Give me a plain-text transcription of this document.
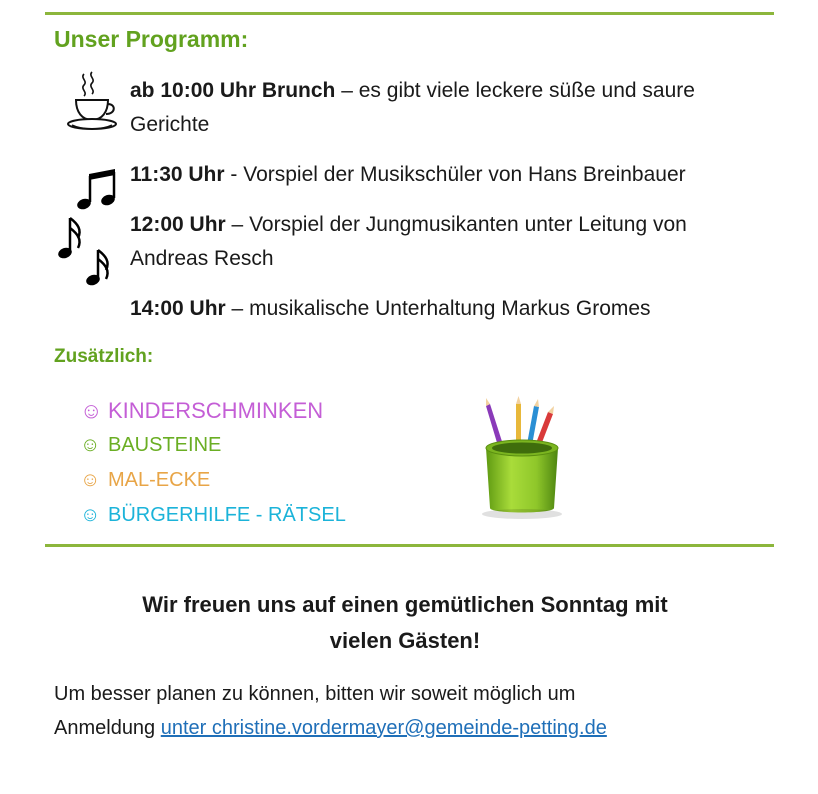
Unser Programm:
ab 10:00 Uhr Brunch – es gibt viele leckere süße und saure
Gerichte
11:30 Uhr - Vorspiel der Musikschüler von Hans Breinbauer
12:00 Uhr – Vorspiel der Jungmusikanten unter Leitung von
Andreas Resch
14:00 Uhr – musikalische Unterhaltung Markus Gromes
Zusätzlich:
☺ KINDERSCHMINKEN
☺ BAUSTEINE
☺ MAL-ECKE
☺ BÜRGERHILFE - RÄTSEL
Wir freuen uns auf einen gemütlichen Sonntag mit
vielen Gästen!
Um besser planen zu können, bitten wir soweit möglich um
Anmeldung unter christine.vordermayer@gemeinde-petting.de
